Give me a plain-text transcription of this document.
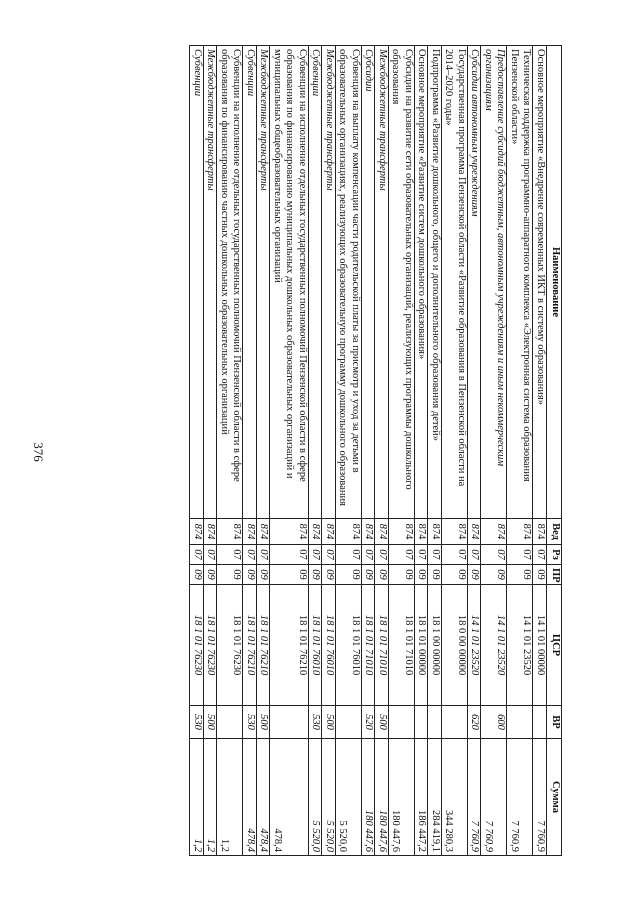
376
Наименование	Вед	Рз	ПР	ЦСР	ВР	Сумма
Основное мероприятие «Внедрение современных ИКТ в систему образования»	874	07	09	14 1 01 00000		7 760,9
Техническая поддержка программно-аппаратного комплекса «Электронная система образования Пензенской области»	874	07	09	14 1 01 23520		7 760,9
Предоставление субсидий бюджетным, автономным учреждениям и иным некоммерческим организациям	874	07	09	14 1 01 23520	600	7 760,9
Субсидии автономным учреждениям	874	07	09	14 1 01 23520	620	7 760,9
Государственная программа Пензенской области «Развитие образования в Пензенской области на 2014–2020 годы»	874	07	09	18 0 00 00000		344 280,3
Подпрограмма «Развитие дошкольного, общего и дополнительного образования детей»	874	07	09	18 1 00 00000		284 419,1
Основное мероприятие «Развитие систем дошкольного образования»	874	07	09	18 1 01 00000		186 447,2
Субсидии на развитие сети образовательных организаций, реализующих программы дошкольного образования	874	07	09	18 1 01 71010		180 447,6
Межбюджетные трансферты	874	07	09	18 1 01 71010	500	180 447,6
Субсидии	874	07	09	18 1 01 71010	520	180 447,6
Субвенция на выплату компенсации части родительской платы за присмотр и уход за детьми в образовательных организациях, реализующих образовательную программу дошкольного образования	874	07	09	18 1 01 76010		5 520,0
Межбюджетные трансферты	874	07	09	18 1 01 76010	500	5 520,0
Субвенции	874	07	09	18 1 01 76010	530	5 520,0
Субвенции на исполнение отдельных государственных полномочий Пензенской области в сфере образования по финансированию муниципальных дошкольных образовательных организаций и муниципальных общеобразовательных организаций	874	07	09	18 1 01 76210		478,4
Межбюджетные трансферты	874	07	09	18 1 01 76210	500	478,4
Субвенции	874	07	09	18 1 01 76210	530	478,4
Субвенции на исполнение отдельных государственных полномочий Пензенской области в сфере образования по финансированию частных дошкольных образовательных организаций	874	07	09	18 1 01 76230		1,2
Межбюджетные трансферты	874	07	09	18 1 01 76230	500	1,2
Субвенции	874	07	09	18 1 01 76230	530	1,2
